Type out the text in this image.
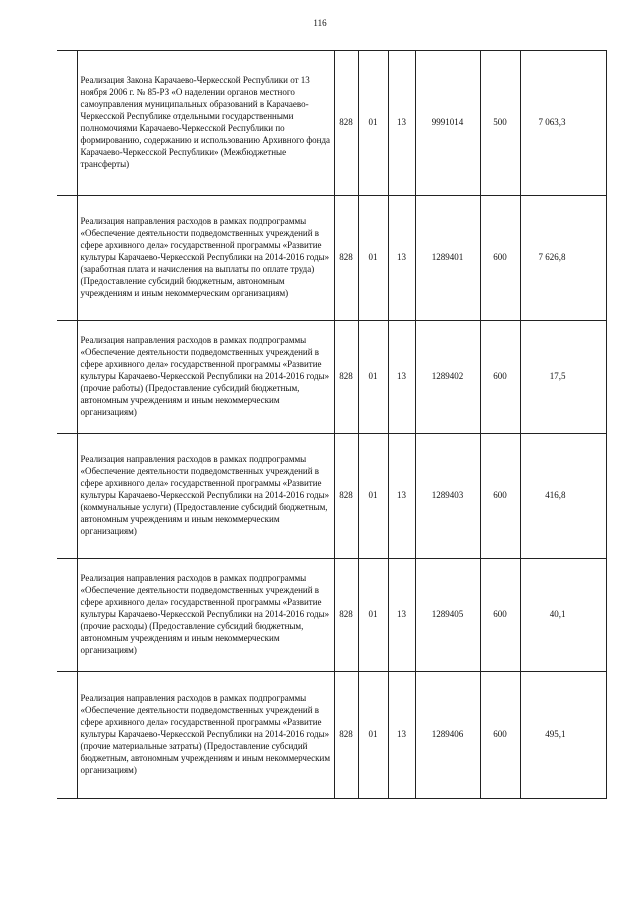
116
	Реализация Закона Карачаево-Черкесской Республики от 13 ноября 2006 г. № 85-РЗ «О наделении органов местного самоуправления муниципальных образований в Карачаево-Черкесской Республике отдельными государственными полномочиями Карачаево-Черкесской Республики по формированию, содержанию и использованию Архивного фонда Карачаево-Черкесской Республики» (Межбюджетные трансферты)	828	01	13	9991014	500	7 063,3
	Реализация направления расходов в рамках подпрограммы «Обеспечение деятельности подведомственных учреждений в сфере архивного дела» государственной программы «Развитие культуры Карачаево-Черкесской Республики на 2014-2016 годы» (заработная плата и начисления на выплаты по оплате труда) (Предоставление субсидий бюджетным, автономным учреждениям и иным некоммерческим организациям)	828	01	13	1289401	600	7 626,8
	Реализация направления расходов в рамках подпрограммы «Обеспечение деятельности подведомственных учреждений в сфере архивного дела» государственной программы «Развитие культуры Карачаево-Черкесской Республики на 2014-2016 годы» (прочие работы) (Предоставление субсидий бюджетным, автономным учреждениям и иным некоммерческим организациям)	828	01	13	1289402	600	17,5
	Реализация направления расходов в рамках подпрограммы «Обеспечение деятельности подведомственных учреждений в сфере архивного дела» государственной программы «Развитие культуры Карачаево-Черкесской Республики на 2014-2016 годы» (коммунальные услуги) (Предоставление субсидий бюджетным, автономным учреждениям и иным некоммерческим организациям)	828	01	13	1289403	600	416,8
	Реализация направления расходов в рамках подпрограммы «Обеспечение деятельности подведомственных учреждений в сфере архивного дела» государственной программы «Развитие культуры Карачаево-Черкесской Республики на 2014-2016 годы» (прочие расходы) (Предоставление субсидий бюджетным, автономным учреждениям и иным некоммерческим организациям)	828	01	13	1289405	600	40,1
	Реализация направления расходов в рамках подпрограммы «Обеспечение деятельности подведомственных учреждений в сфере архивного дела» государственной программы «Развитие культуры Карачаево-Черкесской Республики на 2014-2016 годы» (прочие материальные затраты) (Предоставление субсидий бюджетным, автономным учреждениям и иным некоммерческим организациям)	828	01	13	1289406	600	495,1
